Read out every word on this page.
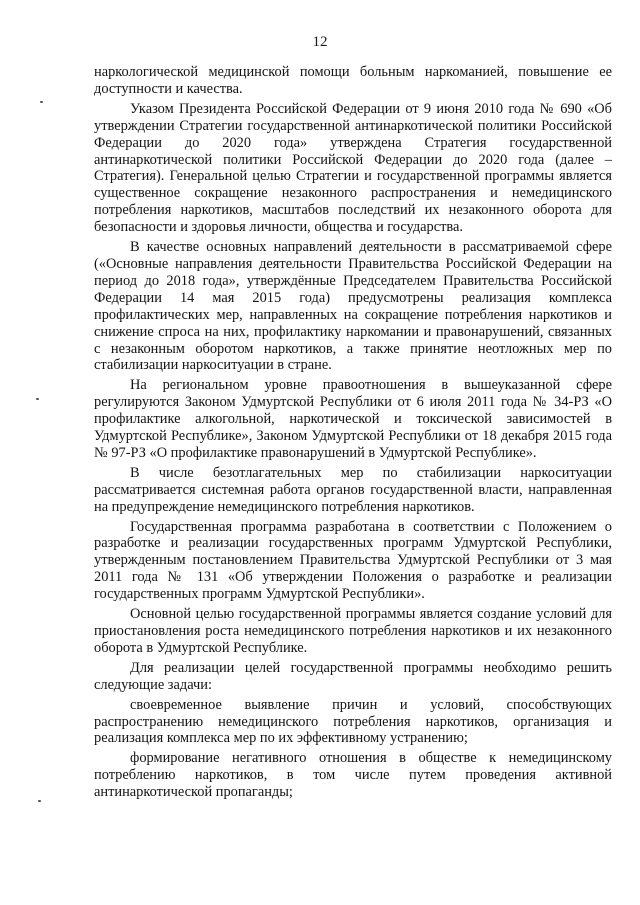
12

наркологической медицинской помощи больным наркоманией, повышение ее доступности и качества.

Указом Президента Российской Федерации от 9 июня 2010 года № 690 «Об утверждении Стратегии государственной антинаркотической политики Российской Федерации до 2020 года» утверждена Стратегия государственной антинаркотической политики Российской Федерации до 2020 года (далее – Стратегия). Генеральной целью Стратегии и государственной программы является существенное сокращение незаконного распространения и немедицинского потребления наркотиков, масштабов последствий их незаконного оборота для безопасности и здоровья личности, общества и государства.

В качестве основных направлений деятельности в рассматриваемой сфере («Основные направления деятельности Правительства Российской Федерации на период до 2018 года», утверждённые Председателем Правительства Российской Федерации 14 мая 2015 года) предусмотрены реализация комплекса профилактических мер, направленных на сокращение потребления наркотиков и снижение спроса на них, профилактику наркомании и правонарушений, связанных с незаконным оборотом наркотиков, а также принятие неотложных мер по стабилизации наркоситуации в стране.

На региональном уровне правоотношения в вышеуказанной сфере регулируются Законом Удмуртской Республики от 6 июля 2011 года № 34-РЗ «О профилактике алкогольной, наркотической и токсической зависимостей в Удмуртской Республике», Законом Удмуртской Республики от 18 декабря 2015 года № 97-РЗ «О профилактике правонарушений в Удмуртской Республике».

В числе безотлагательных мер по стабилизации наркоситуации рассматривается системная работа органов государственной власти, направленная на предупреждение немедицинского потребления наркотиков.

Государственная программа разработана в соответствии с Положением о разработке и реализации государственных программ Удмуртской Республики, утвержденным постановлением Правительства Удмуртской Республики от 3 мая 2011 года № 131 «Об утверждении Положения о разработке и реализации государственных программ Удмуртской Республики».

Основной целью государственной программы является создание условий для приостановления роста немедицинского потребления наркотиков и их незаконного оборота в Удмуртской Республике.

Для реализации целей государственной программы необходимо решить следующие задачи:

своевременное выявление причин и условий, способствующих распространению немедицинского потребления наркотиков, организация и реализация комплекса мер по их эффективному устранению;

формирование негативного отношения в обществе к немедицинскому потреблению наркотиков, в том числе путем проведения активной антинаркотической пропаганды;
